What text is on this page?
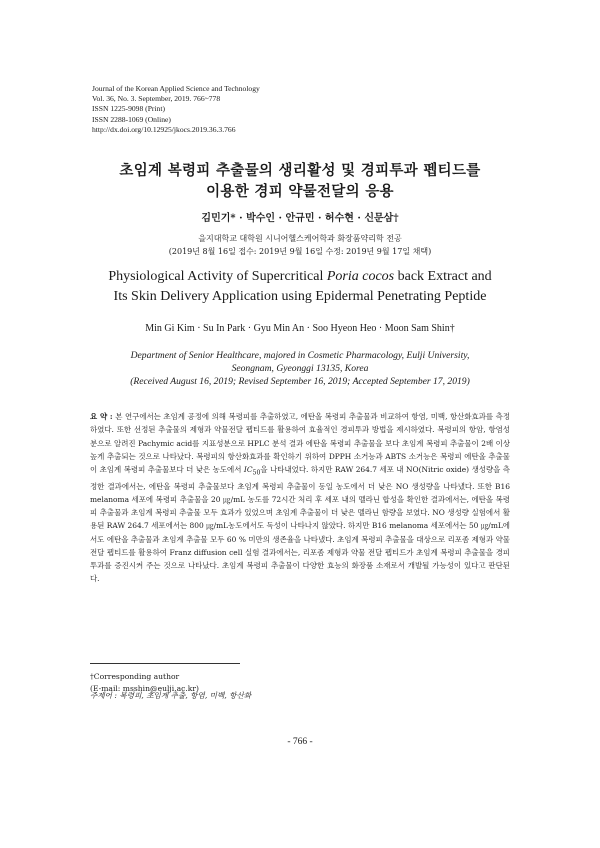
Journal of the Korean Applied Science and Technology
Vol. 36, No. 3. September, 2019. 766~778
ISSN 1225-9098 (Print)
ISSN 2288-1069 (Online)
http://dx.doi.org/10.12925/jkocs.2019.36.3.766
초임계 복령피 추출물의 생리활성 및 경피투과 펩티드를
이용한 경피 약물전달의 응용
김민기* · 박수인 · 안규민 · 허수현 · 신문삼†
을지대학교 대학원 시니어헬스케어학과 화장품약리학 전공
(2019년 8월 16일 접수: 2019년 9월 16일 수정: 2019년 9월 17일 채택)
Physiological Activity of Supercritical Poria cocos back Extract and
Its Skin Delivery Application using Epidermal Penetrating Peptide
Min Gi Kim · Su In Park · Gyu Min An · Soo Hyeon Heo · Moon Sam Shin†
Department of Senior Healthcare, majored in Cosmetic Pharmacology, Eulji University,
Seongnam, Gyeonggi 13135, Korea
(Received August 16, 2019; Revised September 16, 2019; Accepted September 17, 2019)
요 약 : 본 연구에서는 초임계 공정에 의해 복령피를 추출하였고, 에탄올 복령피 추출물과 비교하여 항염, 미백, 항산화효과를 측정하였다. 또한 선정된 추출물의 제형과 약물전달 펩티드를 활용하여 효율적인 경피투과 방법을 제시하였다. 복령피의 항암, 항염성분으로 알려진 Pachymic acid를 지표성분으로 HPLC 분석 결과 에탄올 복령피 추출물을 보다 초임계 복령피 추출물이 2배 이상 높게 추출되는 것으로 나타났다. 복령피의 항산화효과를 확인하기 위하여 DPPH 소거능과 ABTS 소거능은 복령피 에탄올 추출물이 초임계 복령피 추출물보다 더 낮은 농도에서 $IC_{50}$을 나타내었다. 하지만 RAW 264.7 세포 내 NO(Nitric oxide) 생성량을 측정한 결과에서는, 에탄올 복령피 추출물보다 초임계 복령피 추출물이 동일 농도에서 더 낮은 NO 생성량을 나타냈다. 또한 B16 melanoma 세포에 복령피 추출물을 20 ㎍/mL 농도를 72시간 처리 후 세포 내의 멜라닌 합성을 확인한 결과에서는, 에탄올 복령피 추출물과 초임계 복령피 추출물 모두 효과가 있었으며 초임계 추출물이 더 낮은 멜라닌 함량을 보였다. NO 생성량 실험에서 활용된 RAW 264.7 세포에서는 800 ㎍/mL농도에서도 독성이 나타나지 않았다. 하지만 B16 melanoma 세포에서는 50 ㎍/mL에서도 에탄올 추출물과 초임계 추출물 모두 60 % 미만의 생존율을 나타냈다. 초임계 복령피 추출물을 대상으로 리포좀 제형과 약물전달 펩티드를 활용하여 Franz diffusion cell 실험 결과에서는, 리포좀 제형과 약물 전달 펩티드가 초임계 복령피 추출물을 경피 투과를 증진시켜 주는 것으로 나타났다. 초임계 복령피 추출물이 다양한 효능의 화장품 소재로서 개발될 가능성이 있다고 판단된다.
주제어 : 복령피, 초임계 추출, 항염, 미백, 항산화
†Corresponding author
(E-mail: msshin@eulji.ac.kr)
- 766 -
